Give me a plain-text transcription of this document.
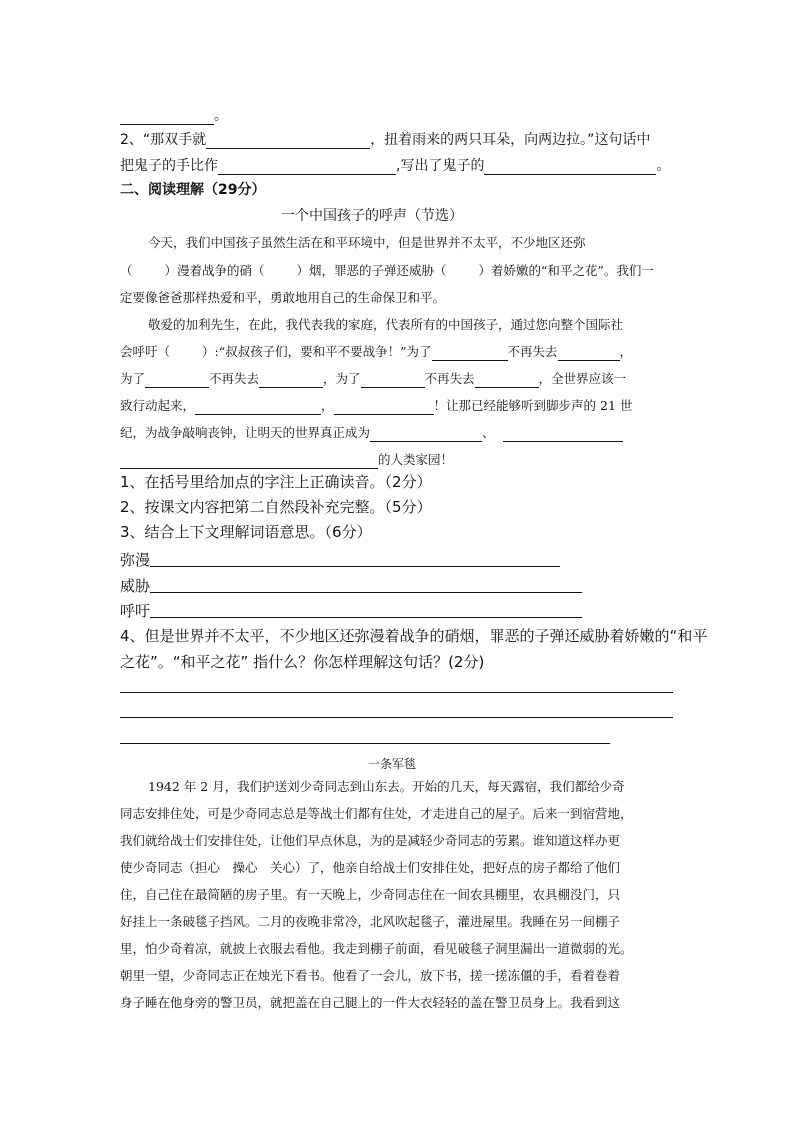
。
2、“那双手就	，扭着雨来的两只耳朵，向两边拉。”这句话中
把鬼子的手比作	,写出了鬼子的	。
二、阅读理解（29分）
一个中国孩子的呼声（节选）
今天，我们中国孩子虽然生活在和平环境中，但是世界并不太平，不少地区还弥
（	）漫着战争的硝（	）烟，罪恶的子弹还威胁（	）着娇嫩的“和平之花”。我们一
定要像爸爸那样热爱和平，勇敢地用自己的生命保卫和平。
敬爱的加利先生，在此，我代表我的家庭，代表所有的中国孩子，通过您向整个国际社
会呼吁（	）:“叔叔孩子们，要和平不要战争！”为了	不再失去	，
为了	不再失去	，为了	不再失去	，全世界应该一
致行动起来，	，	！让那已经能够听到脚步声的 21 世
纪，为战争敲响丧钟，让明天的世界真正成为	、
的人类家园！
1、在括号里给加点的字注上正确读音。（2分）
2、按课文内容把第二自然段补充完整。（5分）
3、结合上下文理解词语意思。（6分）
弥漫
威胁
呼吁
4、但是世界并不太平，不少地区还弥漫着战争的硝烟，罪恶的子弹还威胁着娇嫩的“和平
之花”。“和平之花” 指什么？你怎样理解这句话？(2分)
一条军毯
1942 年 2 月，我们护送刘少奇同志到山东去。开始的几天，每天露宿，我们都给少奇
同志安排住处，可是少奇同志总是等战士们都有住处，才走进自己的屋子。后来一到宿营地，
我们就给战士们安排住处，让他们早点休息，为的是减轻少奇同志的劳累。谁知道这样办更
使少奇同志（担心　操心　关心）了，他亲自给战士们安排住处，把好点的房子都给了他们
住，自己住在最简陋的房子里。有一天晚上，少奇同志住在一间农具棚里，农具棚没门，只
好挂上一条破毯子挡风。二月的夜晚非常冷，北风吹起毯子，灌进屋里。我睡在另一间棚子
里，怕少奇着凉，就披上衣服去看他。我走到棚子前面，看见破毯子洞里漏出一道微弱的光。
朝里一望，少奇同志正在烛光下看书。他看了一会儿，放下书，搓一搓冻僵的手，看着卷着
身子睡在他身旁的警卫员，就把盖在自己腿上的一件大衣轻轻的盖在警卫员身上。我看到这
